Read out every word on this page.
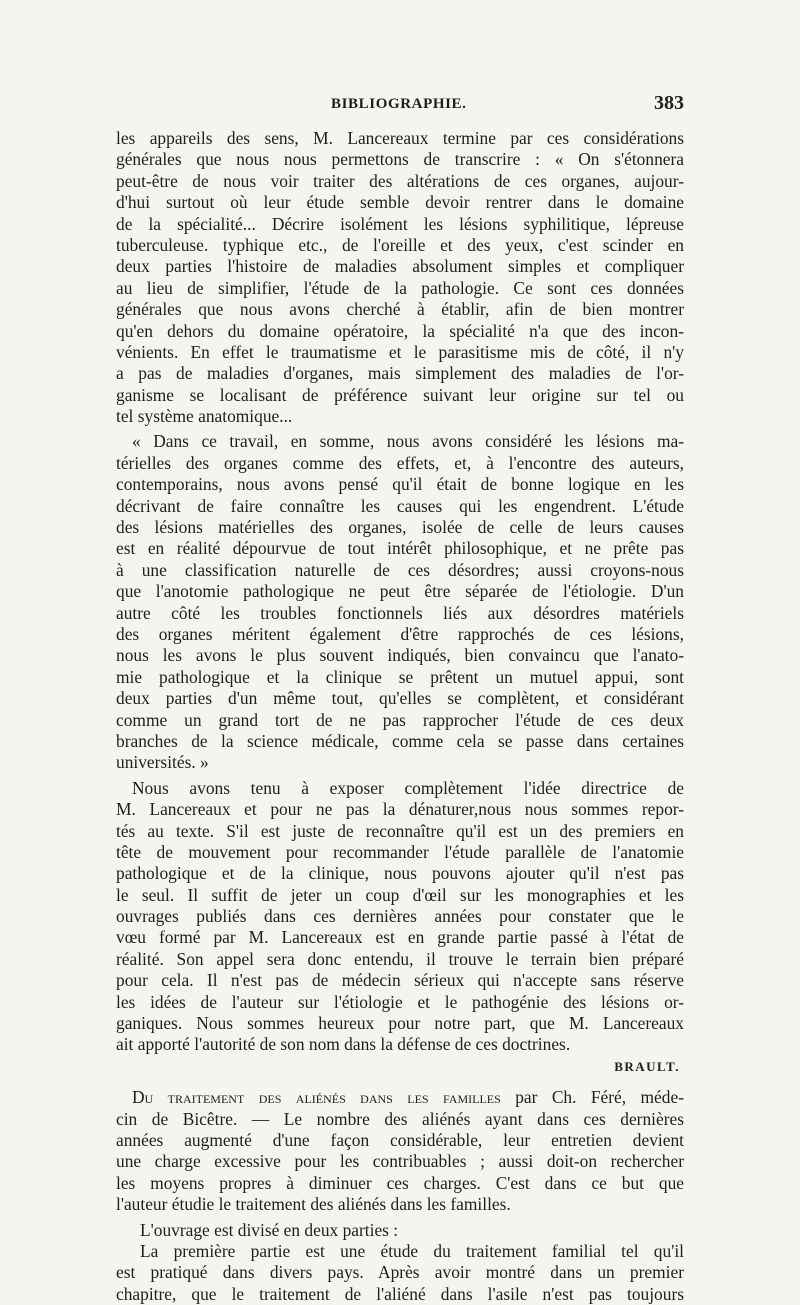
BIBLIOGRAPHIE.	383
les appareils des sens, M. Lancereaux termine par ces considérations
générales que nous nous permettons de transcrire : « On s'étonnera
peut-être de nous voir traiter des altérations de ces organes, aujour-
d'hui surtout où leur étude semble devoir rentrer dans le domaine
de la spécialité... Décrire isolément les lésions syphilitique, lépreuse
tuberculeuse. typhique etc., de l'oreille et des yeux, c'est scinder en
deux parties l'histoire de maladies absolument simples et compliquer
au lieu de simplifier, l'étude de la pathologie. Ce sont ces données
générales que nous avons cherché à établir, afin de bien montrer
qu'en dehors du domaine opératoire, la spécialité n'a que des incon-
vénients. En effet le traumatisme et le parasitisme mis de côté, il n'y
a pas de maladies d'organes, mais simplement des maladies de l'or-
ganisme se localisant de préférence suivant leur origine sur tel ou
tel système anatomique...
« Dans ce travail, en somme, nous avons considéré les lésions ma-
térielles des organes comme des effets, et, à l'encontre des auteurs,
contemporains, nous avons pensé qu'il était de bonne logique en les
décrivant de faire connaître les causes qui les engendrent. L'étude
des lésions matérielles des organes, isolée de celle de leurs causes
est en réalité dépourvue de tout intérêt philosophique, et ne prête pas
à une classification naturelle de ces désordres; aussi croyons-nous
que l'anotomie pathologique ne peut être séparée de l'étiologie. D'un
autre côté les troubles fonctionnels liés aux désordres matériels
des organes méritent également d'être rapprochés de ces lésions,
nous les avons le plus souvent indiqués, bien convaincu que l'anato-
mie pathologique et la clinique se prêtent un mutuel appui, sont
deux parties d'un même tout, qu'elles se complètent, et considérant
comme un grand tort de ne pas rapprocher l'étude de ces deux
branches de la science médicale, comme cela se passe dans certaines
universités. »
Nous avons tenu à exposer complètement l'idée directrice de
M. Lancereaux et pour ne pas la dénaturer,nous nous sommes repor-
tés au texte. S'il est juste de reconnaître qu'il est un des premiers en
tête de mouvement pour recommander l'étude parallèle de l'anatomie
pathologique et de la clinique, nous pouvons ajouter qu'il n'est pas
le seul. Il suffit de jeter un coup d'œil sur les monographies et les
ouvrages publiés dans ces dernières années pour constater que le
vœu formé par M. Lancereaux est en grande partie passé à l'état de
réalité. Son appel sera donc entendu, il trouve le terrain bien préparé
pour cela. Il n'est pas de médecin sérieux qui n'accepte sans réserve
les idées de l'auteur sur l'étiologie et le pathogénie des lésions or-
ganiques. Nous sommes heureux pour notre part, que M. Lancereaux
ait apporté l'autorité de son nom dans la défense de ces doctrines.
BRAULT.
Du traitement des aliénés dans les familles par Ch. Féré, méde-
cin de Bicêtre. — Le nombre des aliénés ayant dans ces dernières
années augmenté d'une façon considérable, leur entretien devient
une charge excessive pour les contribuables ; aussi doit-on rechercher
les moyens propres à diminuer ces charges. C'est dans ce but que
l'auteur étudie le traitement des aliénés dans les familles.
L'ouvrage est divisé en deux parties :
La première partie est une étude du traitement familial tel qu'il
est pratiqué dans divers pays. Après avoir montré dans un premier
chapitre, que le traitement de l'aliéné dans l'asile n'est pas toujours
